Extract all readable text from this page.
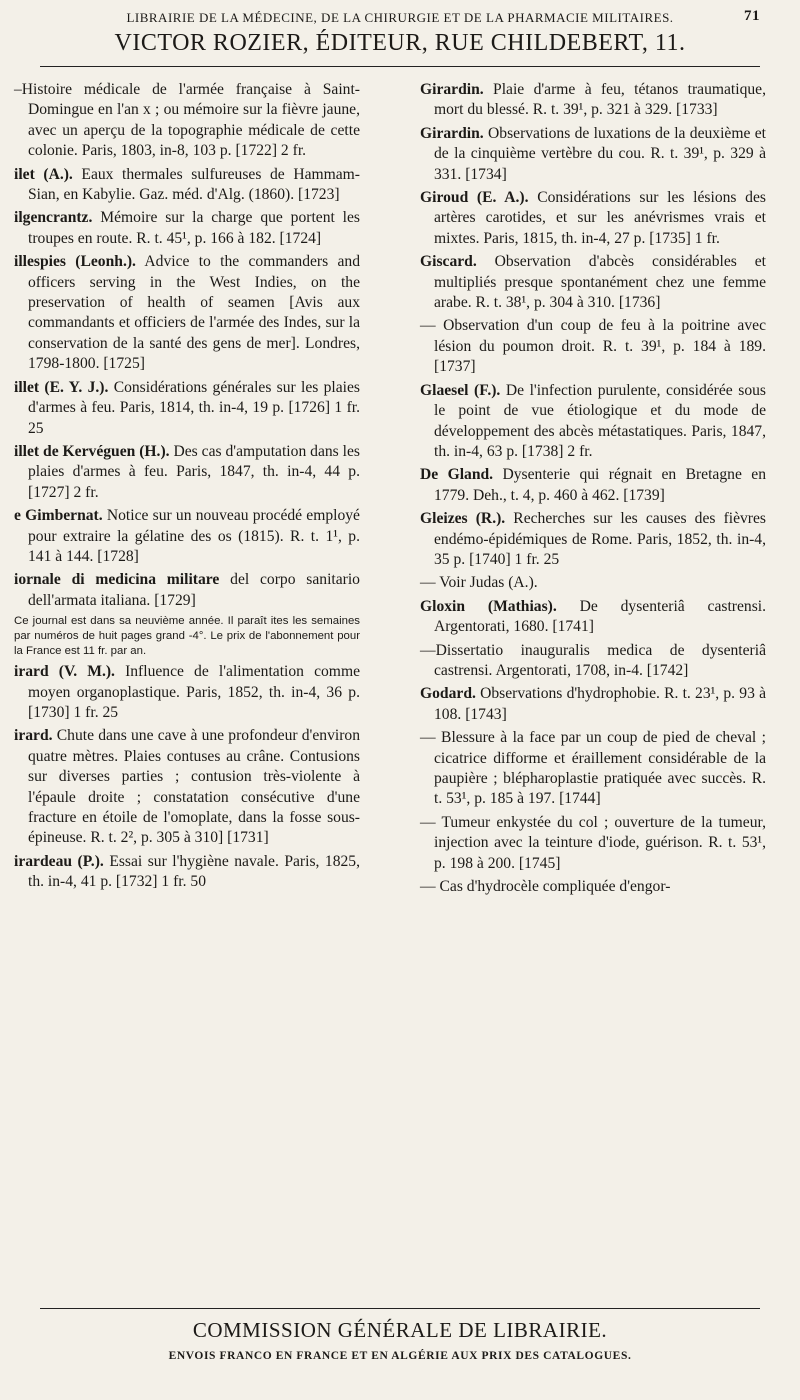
LIBRAIRIE DE LA MÉDECINE, DE LA CHIRURGIE ET DE LA PHARMACIE MILITAIRES.	71
VICTOR ROZIER, ÉDITEUR, RUE CHILDEBERT, 11.

–Histoire médicale de l'armée française à Saint-Domingue en l'an x ; ou mémoire sur la fièvre jaune, avec un aperçu de la topographie médicale de cette colonie. Paris, 1803, in-8, 103 p. [1722] 2 fr.

ilet (A.). Eaux thermales sulfureuses de Hammam-Sian, en Kabylie. Gaz. méd. d'Alg. (1860). [1723]

ilgencrantz. Mémoire sur la charge que portent les troupes en route. R. t. 45¹, p. 166 à 182. [1724]

illespies (Leonh.). Advice to the commanders and officers serving in the West Indies, on the preservation of health of seamen [Avis aux commandants et officiers de l'armée des Indes, sur la conservation de la santé des gens de mer]. Londres, 1798-1800. [1725]

illet (E. Y. J.). Considérations générales sur les plaies d'armes à feu. Paris, 1814, th. in-4, 19 p. [1726] 1 fr. 25

illet de Kervéguen (H.). Des cas d'amputation dans les plaies d'armes à feu. Paris, 1847, th. in-4, 44 p. [1727] 2 fr.

e Gimbernat. Notice sur un nouveau procédé employé pour extraire la gélatine des os (1815). R. t. 1¹, p. 141 à 144. [1728]

iornale di medicina militare del corpo sanitario dell'armata italiana. [1729]

Ce journal est dans sa neuvième année. Il paraît ites les semaines par numéros de huit pages grand -4°. Le prix de l'abonnement pour la France est 11 fr. par an.

irard (V. M.). Influence de l'alimentation comme moyen organoplastique. Paris, 1852, th. in-4, 36 p. [1730] 1 fr. 25

irard. Chute dans une cave à une profondeur d'environ quatre mètres. Plaies contuses au crâne. Contusions sur diverses parties ; contusion très-violente à l'épaule droite ; constatation consécutive d'une fracture en étoile de l'omoplate, dans la fosse sous-épineuse. R. t. 2², p. 305 à 310] [1731]

irardeau (P.). Essai sur l'hygiène navale. Paris, 1825, th. in-4, 41 p. [1732] 1 fr. 50

Girardin. Plaie d'arme à feu, tétanos traumatique, mort du blessé. R. t. 39¹, p. 321 à 329. [1733]

Girardin. Observations de luxations de la deuxième et de la cinquième vertèbre du cou. R. t. 39¹, p. 329 à 331. [1734]

Giroud (E. A.). Considérations sur les lésions des artères carotides, et sur les anévrismes vrais et mixtes. Paris, 1815, th. in-4, 27 p. [1735] 1 fr.

Giscard. Observation d'abcès considérables et multipliés presque spontanément chez une femme arabe. R. t. 38¹, p. 304 à 310. [1736]

— Observation d'un coup de feu à la poitrine avec lésion du poumon droit. R. t. 39¹, p. 184 à 189. [1737]

Glaesel (F.). De l'infection purulente, considérée sous le point de vue étiologique et du mode de développement des abcès métastatiques. Paris, 1847, th. in-4, 63 p. [1738] 2 fr.

De Gland. Dysenterie qui régnait en Bretagne en 1779. Deh., t. 4, p. 460 à 462. [1739]

Gleizes (R.). Recherches sur les causes des fièvres endémo-épidémiques de Rome. Paris, 1852, th. in-4, 35 p. [1740] 1 fr. 25

— Voir Judas (A.).

Gloxin (Mathias). De dysenteriâ castrensi. Argentorati, 1680. [1741]

—Dissertatio inauguralis medica de dysenteriâ castrensi. Argentorati, 1708, in-4. [1742]

Godard. Observations d'hydrophobie. R. t. 23¹, p. 93 à 108. [1743]

— Blessure à la face par un coup de pied de cheval ; cicatrice difforme et éraillement considérable de la paupière ; blépharoplastie pratiquée avec succès. R. t. 53¹, p. 185 à 197. [1744]

— Tumeur enkystée du col ; ouverture de la tumeur, injection avec la teinture d'iode, guérison. R. t. 53¹, p. 198 à 200. [1745]

— Cas d'hydrocèle compliquée d'engor-

COMMISSION GÉNÉRALE DE LIBRAIRIE.
ENVOIS FRANCO EN FRANCE ET EN ALGÉRIE AUX PRIX DES CATALOGUES.
